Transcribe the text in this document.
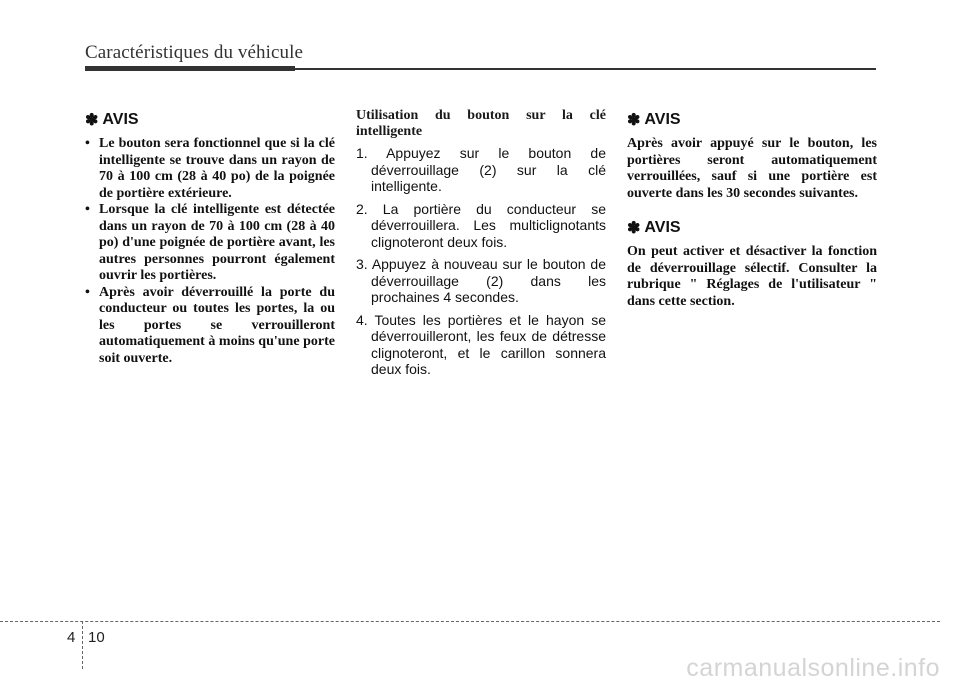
Caractéristiques du véhicule
✽ AVIS
• Le bouton sera fonctionnel que si la clé intelligente se trouve dans un rayon de 70 à 100 cm (28 à 40 po) de la poignée de portière extérieure.
• Lorsque la clé intelligente est détectée dans un rayon de 70 à 100 cm (28 à 40 po) d'une poignée de portière avant, les autres personnes pourront également ouvrir les portières.
• Après avoir déverrouillé la porte du conducteur ou toutes les portes, la ou les portes se verrouilleront automatiquement à moins qu'une porte soit ouverte.
Utilisation du bouton sur la clé intelligente
1. Appuyez sur le bouton de déverrouillage (2) sur la clé intelligente.
2. La portière du conducteur se déverrouillera. Les multiclignotants clignoteront deux fois.
3. Appuyez à nouveau sur le bouton de déverrouillage (2) dans les prochaines 4 secondes.
4. Toutes les portières et le hayon se déverrouilleront, les feux de détresse clignoteront, et le carillon sonnera deux fois.
✽ AVIS
Après avoir appuyé sur le bouton, les portières seront automatiquement verrouillées, sauf si une portière est ouverte dans les 30 secondes suivantes.
✽ AVIS
On peut activer et désactiver la fonction de déverrouillage sélectif. Consulter la rubrique " Réglages de l'utilisateur " dans cette section.
4 10
carmanualsonline.info
